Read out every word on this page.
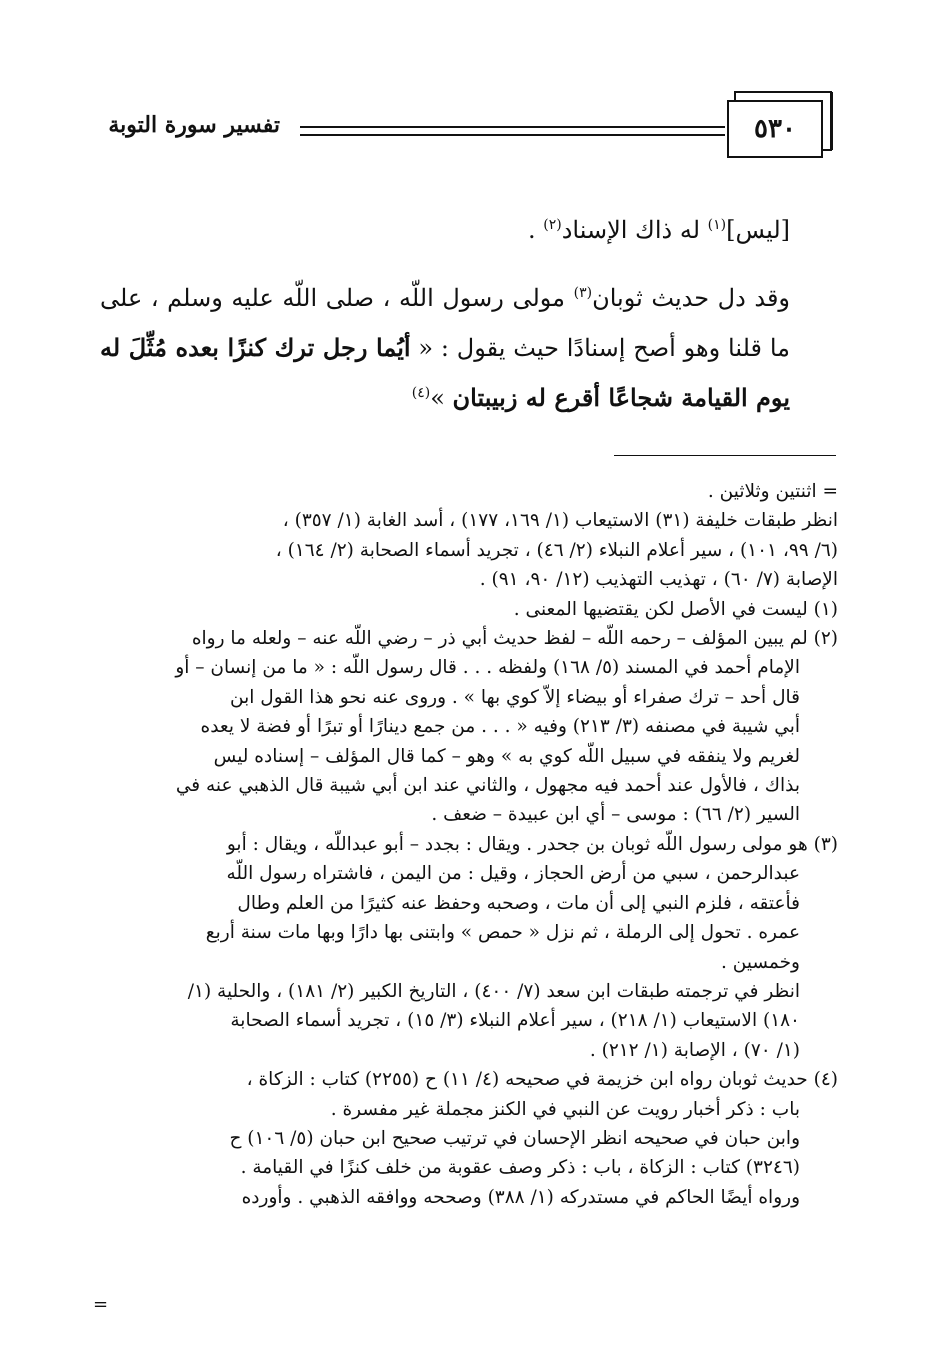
٥٣٠
تفسير سورة التوبة

[ليس]$^{(١)}$ له ذاك الإسناد$^{(٢)}$ .

وقد دل حديث ثوبان$^{(٣)}$ مولى رسول اللّه ، صلى اللّه عليه وسلم ، على ما قلنا وهو أصح إسنادًا حيث يقول : « أيُما رجل ترك كنزًا بعده مُثِّلَ له يوم القيامة شجاعًا أقرع له زبيبتان »$^{(٤)}$

= اثنتين وثلاثين .
انظر طبقات خليفة (٣١) الاستيعاب (١/ ١٦٩، ١٧٧) ، أسد الغابة (١/ ٣٥٧) ،
(٦/ ٩٩، ١٠١) ، سير أعلام النبلاء (٢/ ٤٦) ، تجريد أسماء الصحابة (٢/ ١٦٤) ،
الإصابة (٧/ ٦٠) ، تهذيب التهذيب (١٢/ ٩٠، ٩١) .
(١) ليست في الأصل لكن يقتضيها المعنى .
(٢) لم يبين المؤلف – رحمه اللّه – لفظ حديث أبي ذر – رضي اللّه عنه – ولعله ما رواه
الإمام أحمد في المسند (٥/ ١٦٨) ولفظه . . . قال رسول اللّه : « ما من إنسان – أو
قال أحد – ترك صفراء أو بيضاء إلاّ كوي بها » . وروى عنه نحو هذا القول ابن
أبي شيبة في مصنفه (٣/ ٢١٣) وفيه « . . . من جمع دينارًا أو تبرًا أو فضة لا يعده
لغريم ولا ينفقه في سبيل اللّه كوي به » وهو – كما قال المؤلف – إسناده ليس
بذاك ، فالأول عند أحمد فيه مجهول ، والثاني عند ابن أبي شيبة قال الذهبي عنه في
السير (٢/ ٦٦) : موسى – أي ابن عبيدة – ضعف .
(٣) هو مولى رسول اللّه ثوبان بن جحدر . ويقال : بجدد – أبو عبداللّه ، ويقال : أبو
عبدالرحمن ، سبي من أرض الحجاز ، وقيل : من اليمن ، فاشتراه رسول اللّه
فأعتقه ، فلزم النبي إلى أن مات ، وصحبه وحفظ عنه كثيرًا من العلم وطال
عمره . تحول إلى الرملة ، ثم نزل « حمص » وابتنى بها دارًا وبها مات سنة أربع
وخمسين .
انظر في ترجمته طبقات ابن سعد (٧/ ٤٠٠) ، التاريخ الكبير (٢/ ١٨١) ، والحلية (١/
١٨٠) الاستيعاب (١/ ٢١٨) ، سير أعلام النبلاء (٣/ ١٥) ، تجريد أسماء الصحابة
(١/ ٧٠) ، الإصابة (١/ ٢١٢) .
(٤) حديث ثوبان رواه ابن خزيمة في صحيحه (٤/ ١١) ح (٢٢٥٥) كتاب : الزكاة ،
باب : ذكر أخبار رويت عن النبي في الكنز مجملة غير مفسرة .
وابن حبان في صحيحه انظر الإحسان في ترتيب صحيح ابن حبان (٥/ ١٠٦) ح
(٣٢٤٦) كتاب : الزكاة ، باب : ذكر وصف عقوبة من خلف كنزًا في القيامة .
ورواه أيضًا الحاكم في مستدركه (١/ ٣٨٨) وصححه ووافقه الذهبي . وأورده
=
